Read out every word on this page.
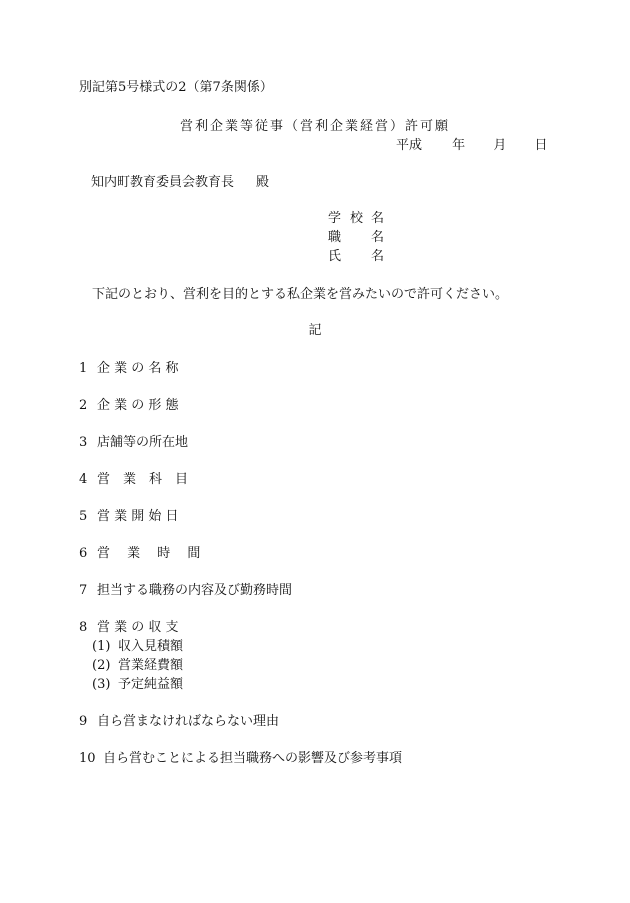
別記第5号様式の2（第7条関係）
営利企業等従事（営利企業経営）許可願
平成 年 月 日
知内町教育委員会教育長 殿
学 校 名
職 名
氏 名
下記のとおり、営利を目的とする私企業を営みたいので許可ください。
記
1 企 業 の 名 称
2 企 業 の 形 態
3 店舗等の所在地
4 営　業　科　目
5 営 業 開 始 日
6 営　 業　 時　 間
7 担当する職務の内容及び勤務時間
8 営 業 の 収 支
(1) 収入見積額
(2) 営業経費額
(3) 予定純益額
9 自ら営まなければならない理由
10 自ら営むことによる担当職務への影響及び参考事項
